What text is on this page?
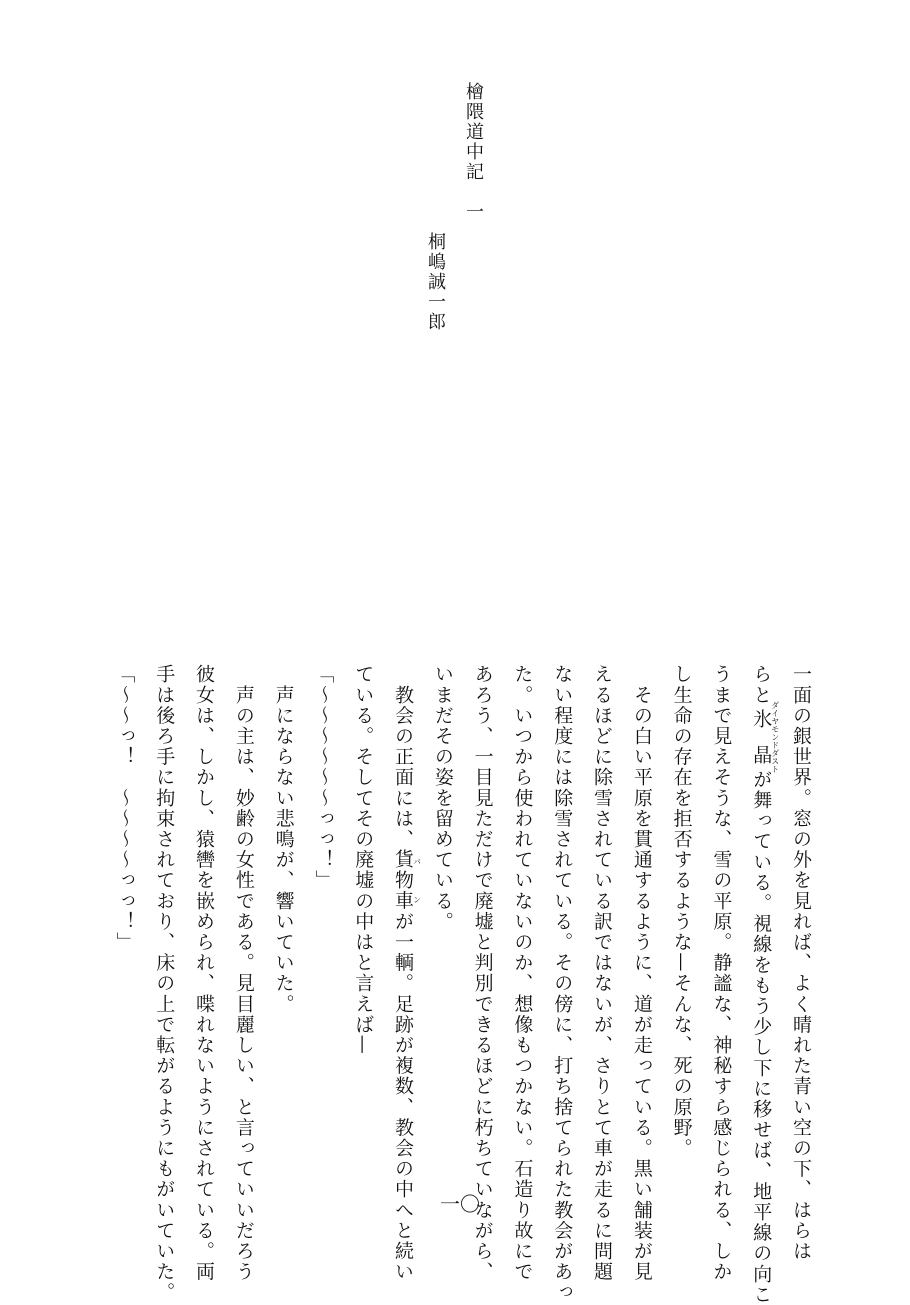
檜隈道中記　一
桐嶋誠一郎
一面の銀世界。窓の外を見れば、よく晴れた青い空の下、はらは
らと氷晶ダイヤモンドダストが舞っている。視線をもう少し下に移せば、地平線の向こ
うまで見えそうな、雪の平原。静謐な、神秘すら感じられる、しか
し生命の存在を拒否するような—そんな、死の原野。
　その白い平原を貫通するように、道が走っている。黒い舗装が見
えるほどに除雪されている訳ではないが、さりとて車が走るに問題
ない程度には除雪されている。その傍に、打ち捨てられた教会があっ
た。いつから使われていないのか、想像もつかない。石造り故にで
あろう、一目見ただけで廃墟と判別できるほどに朽ちていながら、
いまだその姿を留めている。
　教会の正面には、貨物車バンが一輌。足跡が複数、教会の中へと続い
ている。そしてその廃墟の中はと言えば—
「〜〜〜〜〜〜っっ！」
　声にならない悲鳴が、響いていた。
　声の主は、妙齢の女性である。見目麗しい、と言っていいだろう
彼女は、しかし、猿轡を嵌められ、喋れないようにされている。両
手は後ろ手に拘束されており、床の上で転がるようにもがいていた。
「〜〜っ！　〜〜〜〜っっ！」
一〇
